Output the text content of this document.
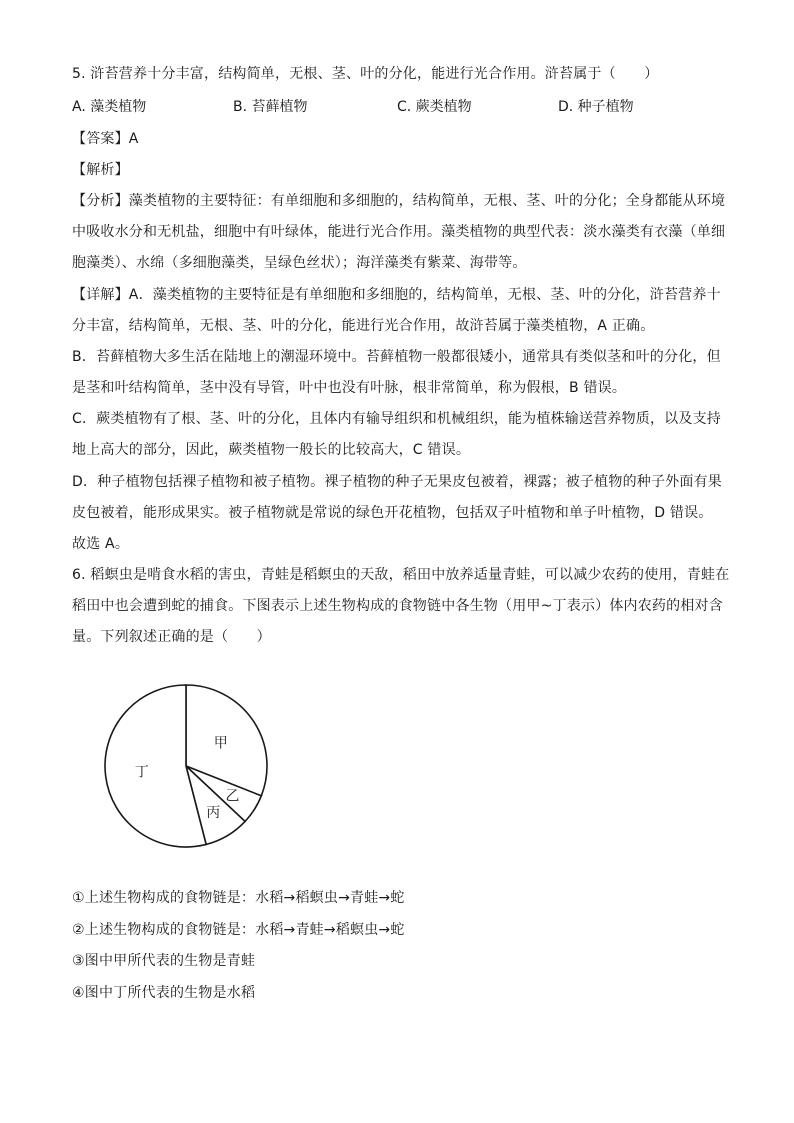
5. 浒苔营养十分丰富，结构简单，无根、茎、叶的分化，能进行光合作用。浒苔属于（　　）
A. 藻类植物	B. 苔藓植物	C. 蕨类植物	D. 种子植物
【答案】A
【解析】
【分析】藻类植物的主要特征：有单细胞和多细胞的，结构简单，无根、茎、叶的分化；全身都能从环境
中吸收水分和无机盐，细胞中有叶绿体，能进行光合作用。藻类植物的典型代表：淡水藻类有衣藻（单细
胞藻类）、水绵（多细胞藻类，呈绿色丝状）；海洋藻类有紫菜、海带等。
【详解】A．藻类植物的主要特征是有单细胞和多细胞的，结构简单，无根、茎、叶的分化，浒苔营养十
分丰富，结构简单，无根、茎、叶的分化，能进行光合作用，故浒苔属于藻类植物，A 正确。
B．苔藓植物大多生活在陆地上的潮湿环境中。苔藓植物一般都很矮小，通常具有类似茎和叶的分化，但
是茎和叶结构简单，茎中没有导管，叶中也没有叶脉，根非常简单，称为假根，B 错误。
C．蕨类植物有了根、茎、叶的分化，且体内有输导组织和机械组织，能为植株输送营养物质，以及支持
地上高大的部分，因此，蕨类植物一般长的比较高大，C 错误。
D．种子植物包括裸子植物和被子植物。裸子植物的种子无果皮包被着，裸露；被子植物的种子外面有果
皮包被着，能形成果实。被子植物就是常说的绿色开花植物，包括双子叶植物和单子叶植物，D 错误。
故选 A。
6. 稻螟虫是啃食水稻的害虫，青蛙是稻螟虫的天敌，稻田中放养适量青蛙，可以减少农药的使用，青蛙在
稻田中也会遭到蛇的捕食。下图表示上述生物构成的食物链中各生物（用甲~丁表示）体内农药的相对含
量。下列叙述正确的是（　　）
甲
乙
丙
丁
①上述生物构成的食物链是：水稻→稻螟虫→青蛙→蛇
②上述生物构成的食物链是：水稻→青蛙→稻螟虫→蛇
③图中甲所代表的生物是青蛙
④图中丁所代表的生物是水稻
